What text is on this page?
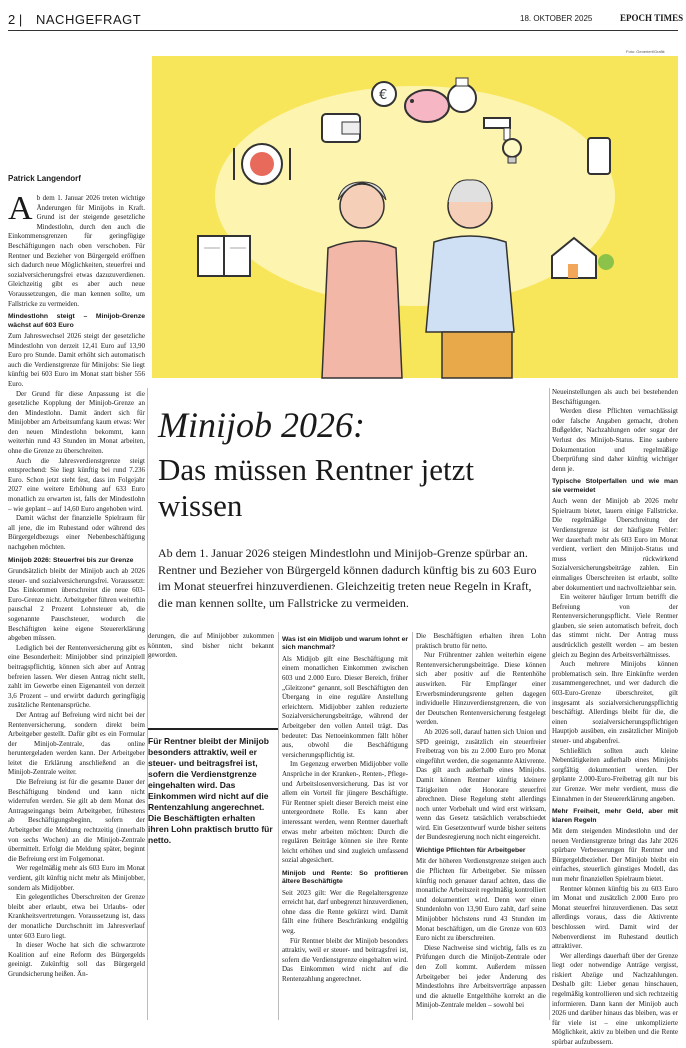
2 | NACHGEFRAGT	18. OKTOBER 2025	EPOCH TIMES
Foto: Generiert/Grafik
€
Patrick Langendorf

Ab dem 1. Januar 2026 treten wichtige Änderungen für Minijobs in Kraft. Grund ist der steigende gesetzliche Mindestlohn, durch den auch die Einkommensgrenzen für geringfügige Beschäftigungen nach oben verschoben. Für Rentner und Bezieher von Bürgergeld eröffnen sich dadurch neue Möglichkeiten, steuerfrei und sozialversicherungsfrei etwas dazuzuverdienen. Gleichzeitig gibt es aber auch neue Voraussetzungen, die man kennen sollte, um Fallstricke zu vermeiden.

Mindestlohn steigt – Minijob-Grenze wächst auf 603 Euro

Zum Jahreswechsel 2026 steigt der gesetzliche Mindestlohn von derzeit 12,41 Euro auf 13,90 Euro pro Stunde. Damit erhöht sich automatisch auch die Verdienstgrenze für Minijobs: Sie liegt künftig bei 603 Euro im Monat statt bisher 556 Euro.

Der Grund für diese Anpassung ist die gesetzliche Kopplung der Minijob-Grenze an den Mindestlohn. Damit ändert sich für Minijobber am Arbeitsumfang kaum etwas: Wer den neuen Mindestlohn bekommt, kann weiterhin rund 43 Stunden im Monat arbeiten, ohne die Grenze zu überschreiten.

Auch die Jahresverdienstgrenze steigt entsprechend: Sie liegt künftig bei rund 7.236 Euro. Schon jetzt steht fest, dass im Folgejahr 2027 eine weitere Erhöhung auf 633 Euro monatlich zu erwarten ist, falls der Mindestlohn – wie geplant – auf 14,60 Euro angehoben wird.

Damit wächst der finanzielle Spielraum für all jene, die im Ruhestand oder während des Bürgergeldbezugs einer Nebenbeschäftigung nachgehen möchten.

Minijob 2026: Steuerfrei bis zur Grenze

Grundsätzlich bleibt der Minijob auch ab 2026 steuer- und sozialversicherungsfrei. Voraussetzt: Das Einkommen überschreitet die neue 603-Euro-Grenze nicht. Arbeitgeber führen weiterhin pauschal 2 Prozent Lohnsteuer ab, die sogenannte Pauschsteuer, wodurch die Beschäftigten keine eigene Steuererklärung abgeben müssen.

Lediglich bei der Rentenversicherung gibt es eine Besonderheit: Minijobber sind prinzipiell beitragspflichtig, können sich aber auf Antrag befreien lassen. Wer diesen Antrag nicht stellt, zahlt im Gewerbe einen Eigenanteil von derzeit 3,6 Prozent – und erwirbt dadurch geringfügig zusätzliche Rentenansprüche.

Der Antrag auf Befreiung wird nicht bei der Rentenversicherung, sondern direkt beim Arbeitgeber gestellt. Dafür gibt es ein Formular der Minijob-Zentrale, das online heruntergeladen werden kann. Der Arbeitgeber leitet die Erklärung anschließend an die Minijob-Zentrale weiter.

Die Befreiung ist für die gesamte Dauer der Beschäftigung bindend und kann nicht widerrufen werden. Sie gilt ab dem Monat des Antragseingangs beim Arbeitgeber, frühestens ab Beschäftigungsbeginn, sofern der Arbeitgeber die Meldung rechtzeitig (innerhalb von sechs Wochen) an die Minijob-Zentrale übermittelt. Erfolgt die Meldung später, beginnt die Befreiung erst im Folgemonat.

Wer regelmäßig mehr als 603 Euro im Monat verdient, gilt künftig nicht mehr als Minijobber, sondern als Midijobber.

Ein gelegentliches Überschreiten der Grenze bleibt aber erlaubt, etwa bei Urlaubs- oder Krankheitsvertretungen. Voraussetzung ist, dass der monatliche Durchschnitt im Jahresverlauf unter 603 Euro liegt.

In dieser Woche hat sich die schwarzrote Koalition auf eine Reform des Bürgergelds geeinigt. Zukünftig soll das Bürgergeld Grundsicherung heißen. Än-

Minijob 2026:
Das müssen Rentner jetzt wissen
Ab dem 1. Januar 2026 steigen Mindestlohn und Minijob-Grenze spürbar an. Rentner und Bezieher von Bürgergeld können dadurch künftig bis zu 603 Euro im Monat steuerfrei hinzuverdienen. Gleichzeitig treten neue Regeln in Kraft, die man kennen sollte, um Fallstricke zu vermeiden.

derungen, die auf Minijobber zukommen könnten, sind bisher nicht bekannt geworden.

Für Rentner bleibt der Minijob besonders attraktiv, weil er steuer- und beitragsfrei ist, sofern die Verdienstgrenze eingehalten wird. Das Einkommen wird nicht auf die Rentenzahlung angerechnet. Die Beschäftigten erhalten ihren Lohn praktisch brutto für netto.
Was ist ein Midijob und warum lohnt er sich manchmal?

Als Midijob gilt eine Beschäftigung mit einem monatlichen Einkommen zwischen 603 und 2.000 Euro. Dieser Bereich, früher „Gleitzone“ genannt, soll Beschäftigten den Übergang in eine reguläre Anstellung erleichtern. Midijobber zahlen reduzierte Sozialversicherungsbeiträge, während der Arbeitgeber den vollen Anteil trägt. Das bedeutet: Das Nettoeinkommen fällt höher aus, obwohl die Beschäftigung versicherungspflichtig ist.

Im Gegenzug erwerben Midijobber volle Ansprüche in der Kranken-, Renten-, Pflege- und Arbeitslosenversicherung. Das ist vor allem ein Vorteil für jüngere Beschäftigte. Für Rentner spielt dieser Bereich meist eine untergeordnete Rolle. Es kann aber interessant werden, wenn Rentner dauerhaft etwas mehr arbeiten möchten: Durch die regulären Beiträge können sie ihre Rente leicht erhöhen und sind zugleich umfassend sozial abgesichert.

Minijob und Rente: So profitieren ältere Beschäftigte

Seit 2023 gilt: Wer die Regelaltersgrenze erreicht hat, darf unbegrenzt hinzuverdienen, ohne dass die Rente gekürzt wird. Damit fällt eine frühere Beschränkung endgültig weg.

Für Rentner bleibt der Minijob besonders attraktiv, weil er steuer- und beitragsfrei ist, sofern die Verdienstgrenze eingehalten wird. Das Einkommen wird nicht auf die Rentenzahlung angerechnet.

Die Beschäftigten erhalten ihren Lohn praktisch brutto für netto.

Nur Frührentner zahlen weiterhin eigene Rentenversicherungsbeiträge. Diese können sich aber positiv auf die Rentenhöhe auswirken. Für Empfänger einer Erwerbsminderungsrente gelten dagegen individuelle Hinzuverdienstgrenzen, die von der Deutschen Rentenversicherung festgelegt werden.

Ab 2026 soll, darauf hatten sich Union und SPD geeinigt, zusätzlich ein steuerfreier Freibetrag von bis zu 2.000 Euro pro Monat eingeführt werden, die sogenannte Aktivrente. Das gilt auch außerhalb eines Minijobs. Damit können Rentner künftig kleinere Tätigkeiten oder Honorare steuerfrei abrechnen. Diese Regelung steht allerdings noch unter Vorbehalt und wird erst wirksam, wenn das Gesetz tatsächlich verabschiedet wird. Ein Gesetzentwurf wurde bisher seitens der Bundesregierung noch nicht eingereicht.

Wichtige Pflichten für Arbeitgeber

Mit der höheren Verdienstgrenze steigen auch die Pflichten für Arbeitgeber. Sie müssen künftig noch genauer darauf achten, dass die monatliche Arbeitszeit regelmäßig kontrolliert und dokumentiert wird. Denn wer einen Stundenlohn von 13,90 Euro zahlt, darf seine Minijobber höchstens rund 43 Stunden im Monat beschäftigen, um die Grenze von 603 Euro nicht zu überschreiten.

Diese Nachweise sind wichtig, falls es zu Prüfungen durch die Minijob-Zentrale oder den Zoll kommt. Außerdem müssen Arbeitgeber bei jeder Änderung des Mindestlohns ihre Arbeitsverträge anpassen und die aktuelle Entgelthöhe korrekt an die Minijob-Zentrale melden – sowohl bei

Neueinstellungen als auch bei bestehenden Beschäftigungen.

Werden diese Pflichten vernachlässigt oder falsche Angaben gemacht, drohen Bußgelder, Nachzahlungen oder sogar der Verlust des Minijob-Status. Eine saubere Dokumentation und regelmäßige Überprüfung sind daher künftig wichtiger denn je.

Typische Stolperfallen und wie man sie vermeidet

Auch wenn der Minijob ab 2026 mehr Spielraum bietet, lauern einige Fallstricke. Die regelmäßige Überschreitung der Verdienstgrenze ist der häufigste Fehler: Wer dauerhaft mehr als 603 Euro im Monat verdient, verliert den Minijob-Status und muss rückwirkend Sozialversicherungsbeiträge zahlen. Ein einmaliges Überschreiten ist erlaubt, sollte aber dokumentiert und nachvollziehbar sein.

Ein weiterer häufiger Irrtum betrifft die Befreiung von der Rentenversicherungspflicht. Viele Rentner glauben, sie seien automatisch befreit, doch das stimmt nicht. Der Antrag muss ausdrücklich gestellt werden – am besten gleich zu Beginn des Arbeitsverhältnisses.

Auch mehrere Minijobs können problematisch sein. Ihre Einkünfte werden zusammengerechnet, und wer dadurch die 603-Euro-Grenze überschreitet, gilt insgesamt als sozialversicherungspflichtig beschäftigt. Allerdings bleibt für die, die einen sozialversicherungspflichtigen Hauptjob ausüben, ein zusätzlicher Minijob steuer- und abgabenfrei.

Schließlich sollten auch kleine Nebentätigkeiten außerhalb eines Minijobs sorgfältig dokumentiert werden. Der geplante 2.000-Euro-Freibetrag gilt nur bis zur Grenze. Wer mehr verdient, muss die Einnahmen in der Steuererklärung angeben.

Mehr Freiheit, mehr Geld, aber mit klaren Regeln

Mit dem steigenden Mindestlohn und der neuen Verdienstgrenze bringt das Jahr 2026 spürbare Verbesserungen für Rentner und Bürgergeldbezieher. Der Minijob bleibt ein einfaches, steuerlich günstiges Modell, das nun mehr finanziellen Spielraum bietet.

Rentner können künftig bis zu 603 Euro im Monat und zusätzlich 2.000 Euro pro Monat steuerfrei hinzuverdienen. Das setzt allerdings voraus, dass die Aktivrente beschlossen wird. Damit wird der Nebenverdienst im Ruhestand deutlich attraktiver.

Wer allerdings dauerhaft über der Grenze liegt oder notwendige Anträge vergisst, riskiert Abzüge und Nachzahlungen. Deshalb gilt: Lieber genau hinschauen, regelmäßig kontrollieren und sich rechtzeitig informieren. Dann kann der Minijob auch 2026 und darüber hinaus das bleiben, was er für viele ist – eine unkomplizierte Möglichkeit, aktiv zu bleiben und die Rente spürbar aufzubessern.
